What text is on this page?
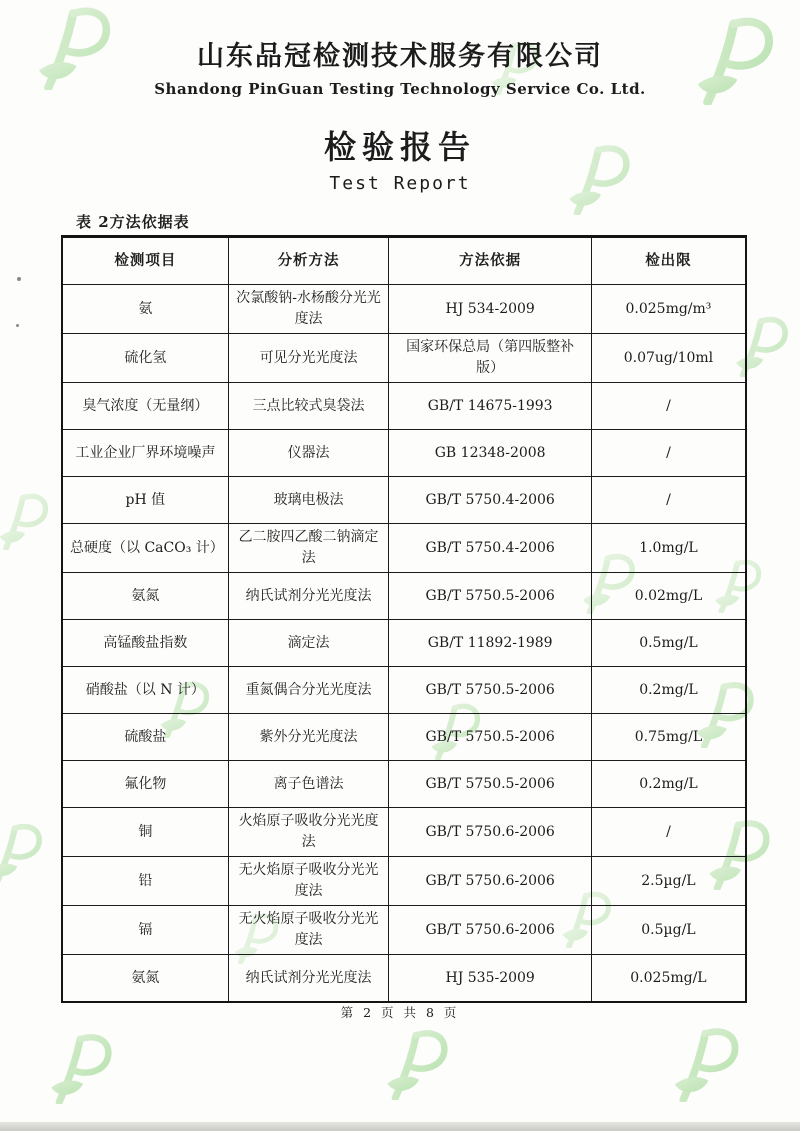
山东品冠检测技术服务有限公司
Shandong PinGuan Testing Technology Service Co. Ltd.
检验报告
Test Report
表 2方法依据表
检测项目	分析方法	方法依据	检出限
氨	次氯酸钠-水杨酸分光光度法	HJ 534-2009	0.025mg/m³
硫化氢	可见分光光度法	国家环保总局（第四版整补版）	0.07ug/10ml
臭气浓度（无量纲）	三点比较式臭袋法	GB/T 14675-1993	/
工业企业厂界环境噪声	仪器法	GB 12348-2008	/
pH 值	玻璃电极法	GB/T 5750.4-2006	/
总硬度（以 CaCO₃ 计）	乙二胺四乙酸二钠滴定法	GB/T 5750.4-2006	1.0mg/L
氨氮	纳氏试剂分光光度法	GB/T 5750.5-2006	0.02mg/L
高锰酸盐指数	滴定法	GB/T 11892-1989	0.5mg/L
硝酸盐（以 N 计）	重氮偶合分光光度法	GB/T 5750.5-2006	0.2mg/L
硫酸盐	紫外分光光度法	GB/T 5750.5-2006	0.75mg/L
氟化物	离子色谱法	GB/T 5750.5-2006	0.2mg/L
铜	火焰原子吸收分光光度法	GB/T 5750.6-2006	/
铅	无火焰原子吸收分光光度法	GB/T 5750.6-2006	2.5µg/L
镉	无火焰原子吸收分光光度法	GB/T 5750.6-2006	0.5µg/L
氨氮	纳氏试剂分光光度法	HJ 535-2009	0.025mg/L
第 2 页 共 8 页
